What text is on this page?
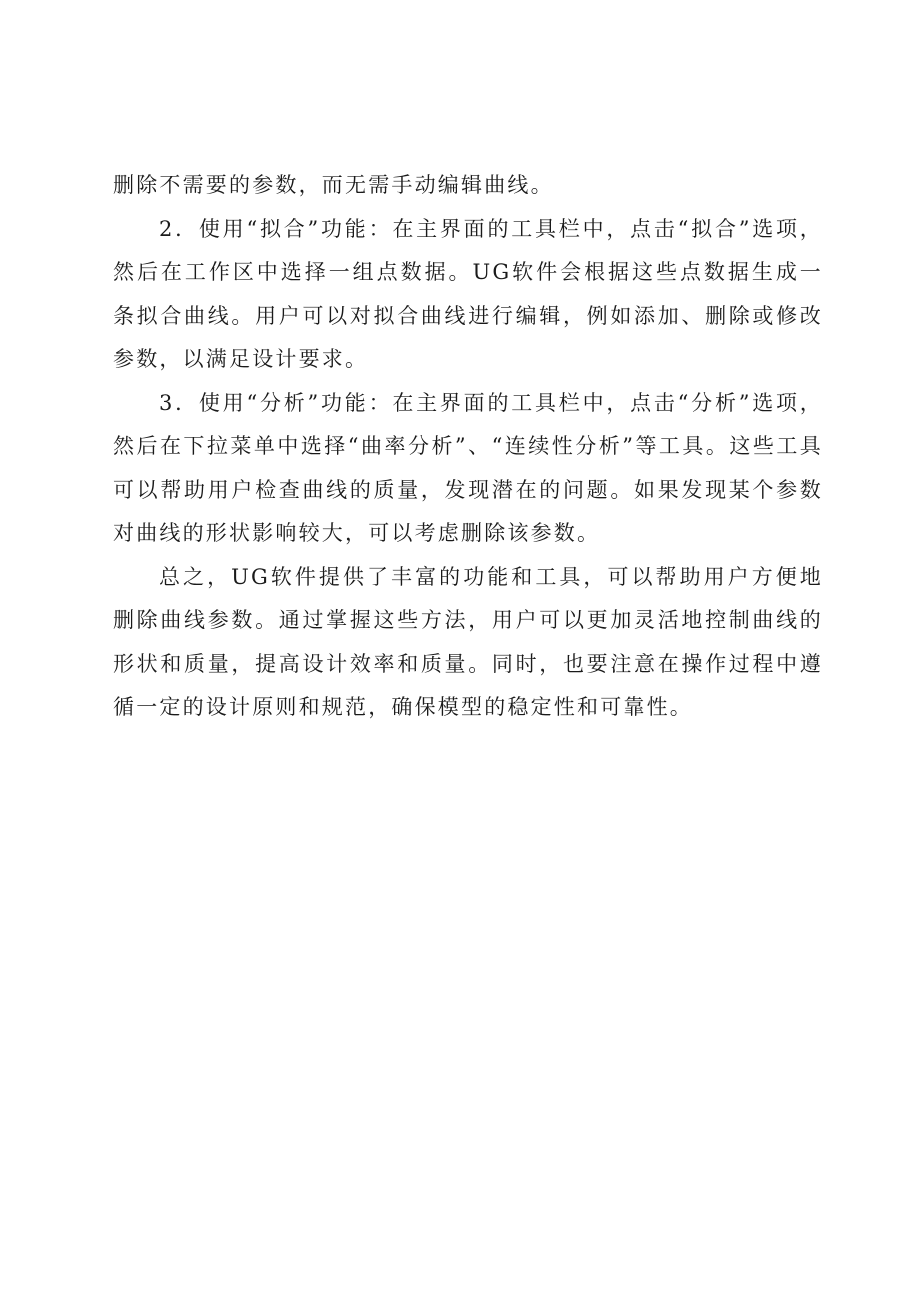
删除不需要的参数，而无需手动编辑曲线。

2．使用“拟合”功能：在主界面的工具栏中，点击“拟合”选项，然后在工作区中选择一组点数据。UG软件会根据这些点数据生成一条拟合曲线。用户可以对拟合曲线进行编辑，例如添加、删除或修改参数，以满足设计要求。

3．使用“分析”功能：在主界面的工具栏中，点击“分析”选项，然后在下拉菜单中选择“曲率分析”、“连续性分析”等工具。这些工具可以帮助用户检查曲线的质量，发现潜在的问题。如果发现某个参数对曲线的形状影响较大，可以考虑删除该参数。

总之，UG软件提供了丰富的功能和工具，可以帮助用户方便地删除曲线参数。通过掌握这些方法，用户可以更加灵活地控制曲线的形状和质量，提高设计效率和质量。同时，也要注意在操作过程中遵循一定的设计原则和规范，确保模型的稳定性和可靠性。
